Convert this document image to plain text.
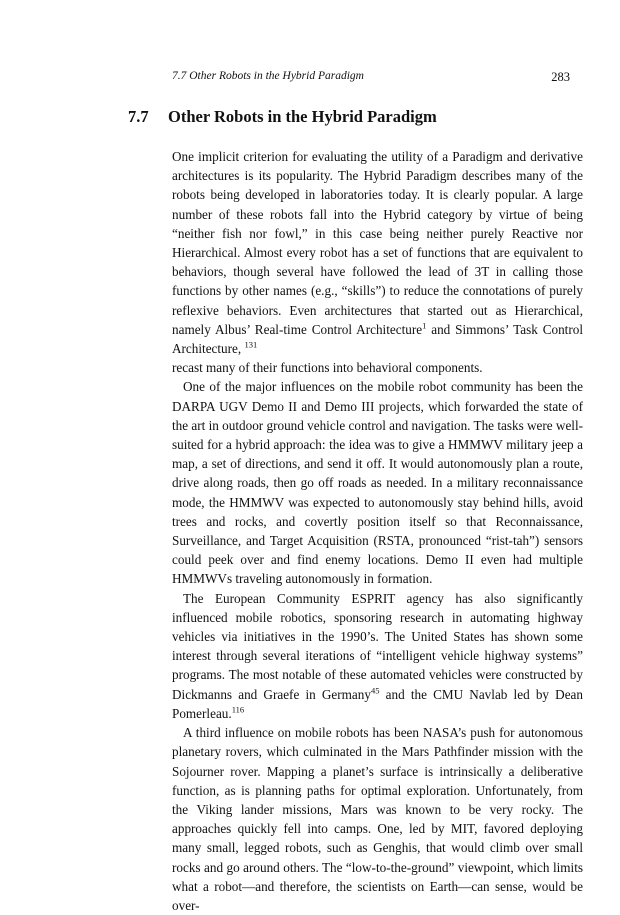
7.7 Other Robots in the Hybrid Paradigm	283
7.7 Other Robots in the Hybrid Paradigm

One implicit criterion for evaluating the utility of a Paradigm and derivative architectures is its popularity. The Hybrid Paradigm describes many of the robots being developed in laboratories today. It is clearly popular. A large number of these robots fall into the Hybrid category by virtue of being “neither fish nor fowl,” in this case being neither purely Reactive nor Hierarchical. Almost every robot has a set of functions that are equivalent to behaviors, though several have followed the lead of 3T in calling those functions by other names (e.g., “skills”) to reduce the connotations of purely reflexive behaviors. Even architectures that started out as Hierarchical, namely Albus’ Real-time Control Architecture$^1$ and Simmons’ Task Control Architecture, $^{131}$
recast many of their functions into behavioral components.

One of the major influences on the mobile robot community has been the DARPA UGV Demo II and Demo III projects, which forwarded the state of the art in outdoor ground vehicle control and navigation. The tasks were well-suited for a hybrid approach: the idea was to give a HMMWV military jeep a map, a set of directions, and send it off. It would autonomously plan a route, drive along roads, then go off roads as needed. In a military reconnaissance mode, the HMMWV was expected to autonomously stay behind hills, avoid trees and rocks, and covertly position itself so that Reconnaissance, Surveillance, and Target Acquisition (RSTA, pronounced “rist-tah”) sensors could peek over and find enemy locations. Demo II even had multiple HMMWVs traveling autonomously in formation.

The European Community ESPRIT agency has also significantly influenced mobile robotics, sponsoring research in automating highway vehicles via initiatives in the 1990’s. The United States has shown some interest through several iterations of “intelligent vehicle highway systems” programs. The most notable of these automated vehicles were constructed by Dickmanns and Graefe in Germany$^{45}$ and the CMU Navlab led by Dean Pomerleau.$^{116}$

A third influence on mobile robots has been NASA’s push for autonomous planetary rovers, which culminated in the Mars Pathfinder mission with the Sojourner rover. Mapping a planet’s surface is intrinsically a deliberative function, as is planning paths for optimal exploration. Unfortunately, from the Viking lander missions, Mars was known to be very rocky. The approaches quickly fell into camps. One, led by MIT, favored deploying many small, legged robots, such as Genghis, that would climb over small rocks and go around others. The “low-to-the-ground” viewpoint, which limits what a robot—and therefore, the scientists on Earth—can sense, would be over-
